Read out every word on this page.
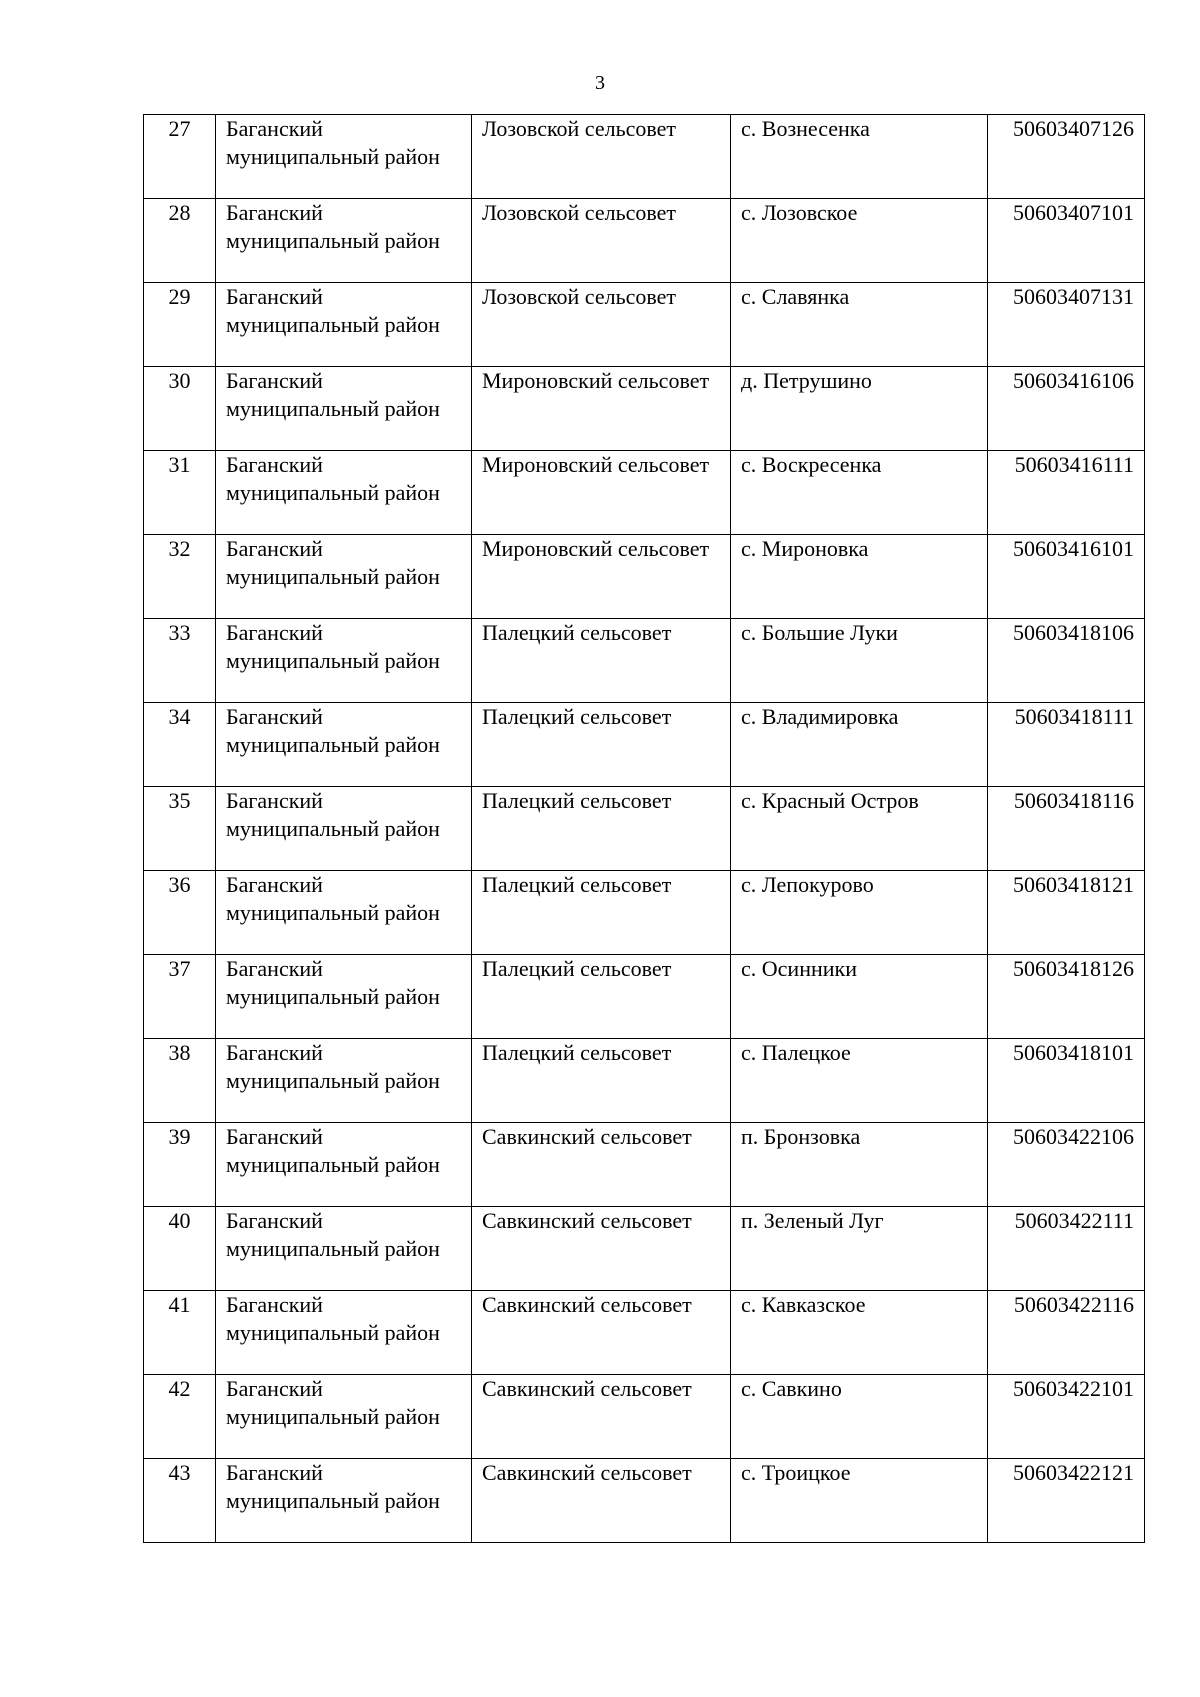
3
27	Баганский муниципальный район	Лозовской сельсовет	с. Вознесенка	50603407126
28	Баганский муниципальный район	Лозовской сельсовет	с. Лозовское	50603407101
29	Баганский муниципальный район	Лозовской сельсовет	с. Славянка	50603407131
30	Баганский муниципальный район	Мироновский сельсовет	д. Петрушино	50603416106
31	Баганский муниципальный район	Мироновский сельсовет	с. Воскресенка	50603416111
32	Баганский муниципальный район	Мироновский сельсовет	с. Мироновка	50603416101
33	Баганский муниципальный район	Палецкий сельсовет	с. Большие Луки	50603418106
34	Баганский муниципальный район	Палецкий сельсовет	с. Владимировка	50603418111
35	Баганский муниципальный район	Палецкий сельсовет	с. Красный Остров	50603418116
36	Баганский муниципальный район	Палецкий сельсовет	с. Лепокурово	50603418121
37	Баганский муниципальный район	Палецкий сельсовет	с. Осинники	50603418126
38	Баганский муниципальный район	Палецкий сельсовет	с. Палецкое	50603418101
39	Баганский муниципальный район	Савкинский сельсовет	п. Бронзовка	50603422106
40	Баганский муниципальный район	Савкинский сельсовет	п. Зеленый Луг	50603422111
41	Баганский муниципальный район	Савкинский сельсовет	с. Кавказское	50603422116
42	Баганский муниципальный район	Савкинский сельсовет	с. Савкино	50603422101
43	Баганский муниципальный район	Савкинский сельсовет	с. Троицкое	50603422121
